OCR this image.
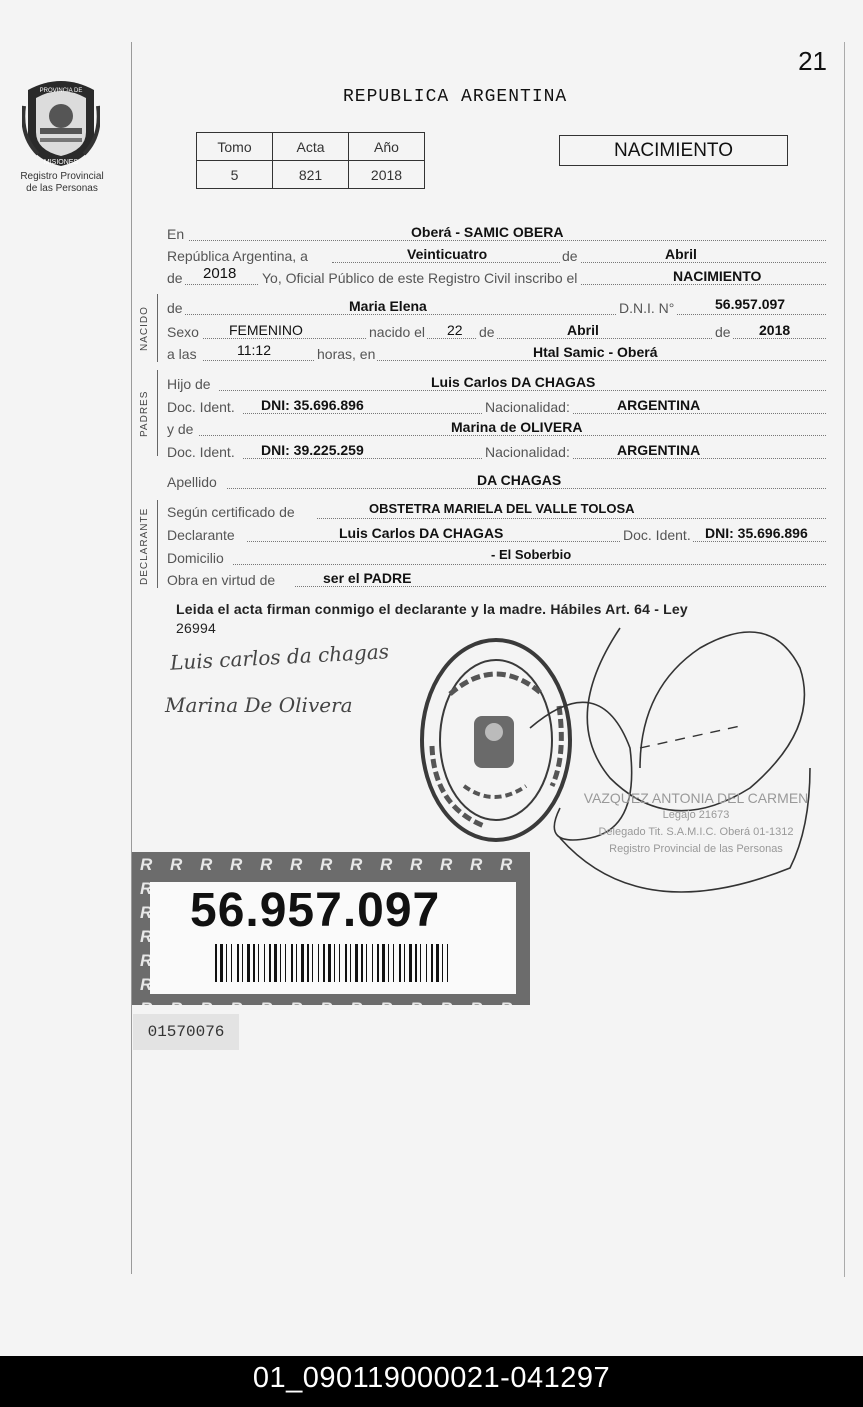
21
PROVINCIA DE
MISIONES
Registro Provincial
de las Personas
REPUBLICA ARGENTINA
Tomo	Acta	Año
5	821	2018
NACIMIENTO
En	Oberá - SAMIC OBERA
República Argentina, a	Veinticuatro	de	Abril
de 2018 Yo, Oficial Público de este Registro Civil inscribo el	NACIMIENTO
NACIDO de	Maria Elena	D.N.I. N°	56.957.097
Sexo FEMENINO	nacido el 22 de	Abril	de 2018
a las	11:12	horas, en	Htal Samic - Oberá
PADRES
Hijo de	Luis Carlos DA CHAGAS
Doc. Ident. DNI: 35.696.896	Nacionalidad:	ARGENTINA
y de	Marina de OLIVERA
Doc. Ident. DNI: 39.225.259	Nacionalidad:	ARGENTINA
Apellido	DA CHAGAS
DECLARANTE Según certificado de	OBSTETRA MARIELA DEL VALLE TOLOSA
Declarante	Luis Carlos DA CHAGAS	Doc. Ident. DNI: 35.696.896
Domicilio	- El Soberbio
Obra en virtud de	ser el PADRE
Leida el acta firman conmigo el declarante y la madre. Hábiles Art. 64 - Ley
26994
Luis carlos da chagas
Marina De Olivera
VAZQUEZ ANTONIA DEL CARMEN
Legajo 21673
Delegado Tit. S.A.M.I.C. Oberá 01-1312
Registro Provincial de las Personas
56.957.097
01570076
01_090119000021-041297
